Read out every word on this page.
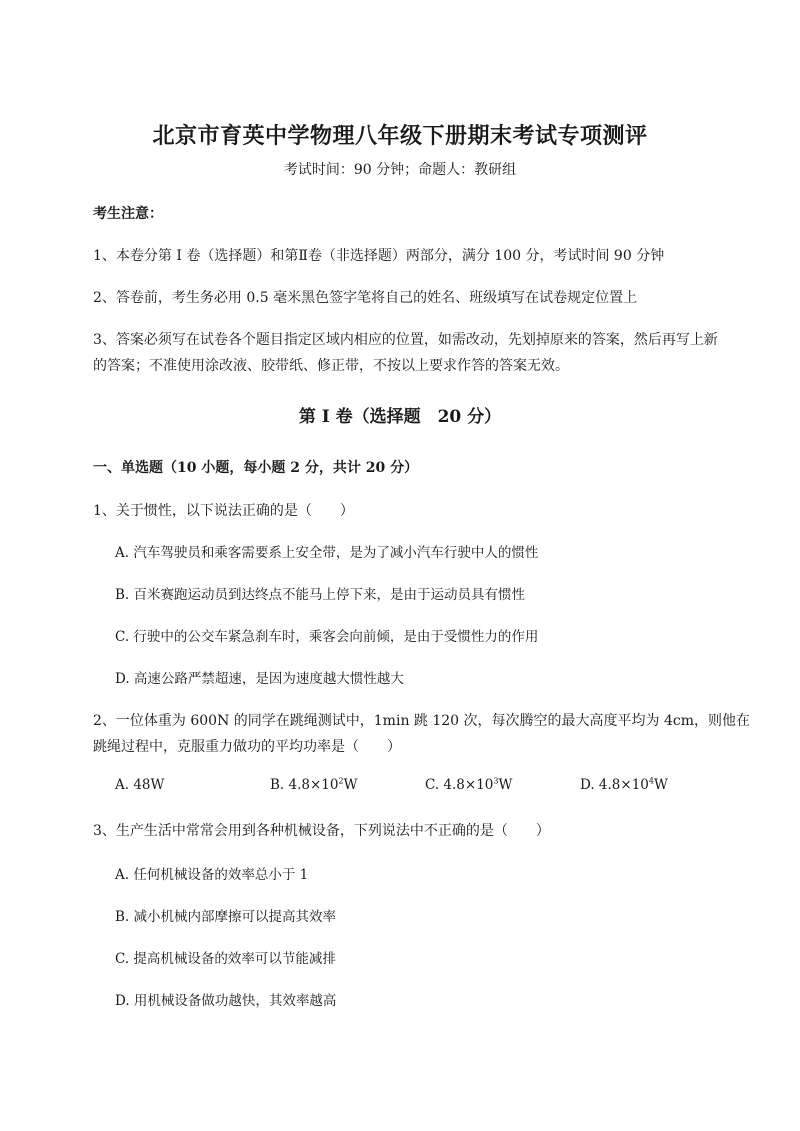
北京市育英中学物理八年级下册期末考试专项测评
考试时间：90 分钟；命题人：教研组
考生注意：
1、本卷分第 I 卷（选择题）和第Ⅱ卷（非选择题）两部分，满分 100 分，考试时间 90 分钟
2、答卷前，考生务必用 0.5 毫米黑色签字笔将自己的姓名、班级填写在试卷规定位置上
3、答案必须写在试卷各个题目指定区域内相应的位置，如需改动，先划掉原来的答案，然后再写上新
的答案；不准使用涂改液、胶带纸、修正带，不按以上要求作答的答案无效。
第 I 卷（选择题　20 分）
一、单选题（10 小题，每小题 2 分，共计 20 分）
1、关于惯性，以下说法正确的是（　　）
A. 汽车驾驶员和乘客需要系上安全带，是为了减小汽车行驶中人的惯性
B. 百米赛跑运动员到达终点不能马上停下来，是由于运动员具有惯性
C. 行驶中的公交车紧急刹车时，乘客会向前倾，是由于受惯性力的作用
D. 高速公路严禁超速，是因为速度越大惯性越大
2、一位体重为 600N 的同学在跳绳测试中，1min 跳 120 次，每次腾空的最大高度平均为 4cm，则他在
跳绳过程中，克服重力做功的平均功率是（　　）
A. 48W	B. $4.8\times 10^2W$	C. $4.8\times 10^3W$	D. $4.8\times 10^4W$
3、生产生活中常常会用到各种机械设备，下列说法中不正确的是（　　）
A. 任何机械设备的效率总小于 1
B. 减小机械内部摩擦可以提高其效率
C. 提高机械设备的效率可以节能减排
D. 用机械设备做功越快，其效率越高
